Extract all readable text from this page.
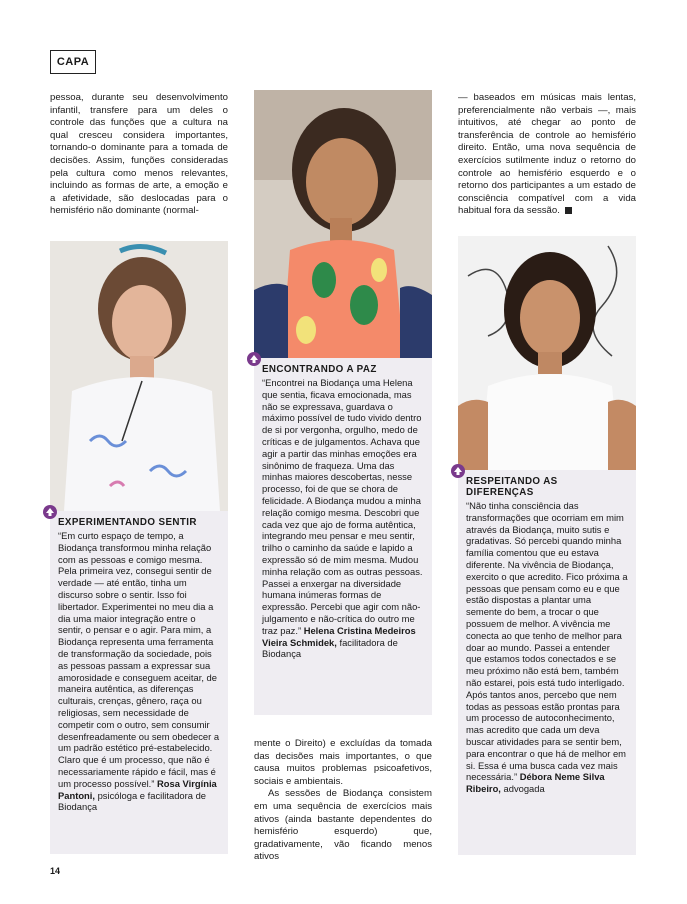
CAPA
pessoa, durante seu desenvolvimento infantil, transfere para um deles o controle das funções que a cultura na qual cresceu considera importantes, tornando-o dominante para a tomada de decisões. Assim, funções consideradas pela cultura como menos relevantes, incluindo as formas de arte, a emoção e a afetividade, são deslocadas para o hemisfério não dominante (normal-
— baseados em músicas mais lentas, preferencialmente não verbais —, mais intuitivos, até chegar ao ponto de transferência de controle ao hemisfério direito. Então, uma nova sequência de exercícios sutilmente induz o retorno do controle ao hemisfério esquerdo e o retorno dos participantes a um estado de consciência compatível com a vida habitual fora da sessão.
EXPERIMENTANDO SENTIR
“Em curto espaço de tempo, a Biodança transformou minha relação com as pessoas e comigo mesma. Pela primeira vez, consegui sentir de verdade — até então, tinha um discurso sobre o sentir. Isso foi libertador. Experimentei no meu dia a dia uma maior integração entre o sentir, o pensar e o agir. Para mim, a Biodança representa uma ferramenta de transformação da sociedade, pois as pessoas passam a expressar sua amorosidade e conseguem aceitar, de maneira autêntica, as diferenças culturais, crenças, gênero, raça ou religiosas, sem necessidade de competir com o outro, sem consumir desenfreadamente ou sem obedecer a um padrão estético pré-estabelecido. Claro que é um processo, que não é necessariamente rápido e fácil, mas é um processo possível.” Rosa Virgínia Pantoni, psicóloga e facilitadora de Biodança
ENCONTRANDO A PAZ
“Encontrei na Biodança uma Helena que sentia, ficava emocionada, mas não se expressava, guardava o máximo possível de tudo vivido dentro de si por vergonha, orgulho, medo de críticas e de julgamentos. Achava que agir a partir das minhas emoções era sinônimo de fraqueza. Uma das minhas maiores descobertas, nesse processo, foi de que se chora de felicidade. A Biodança mudou a minha relação comigo mesma. Descobri que cada vez que ajo de forma autêntica, integrando meu pensar e meu sentir, trilho o caminho da saúde e lapido a expressão só de mim mesma. Mudou minha relação com as outras pessoas. Passei a enxergar na diversidade humana inúmeras formas de expressão. Percebi que agir com não-julgamento e não-crítica do outro me traz paz.” Helena Cristina Medeiros Vieira Schmidek, facilitadora de Biodança
mente o Direito) e excluídas da tomada das decisões mais importantes, o que causa muitos problemas psicoafetivos, sociais e ambientais.
As sessões de Biodança consistem em uma sequência de exercícios mais ativos (ainda bastante dependentes do hemisfério esquerdo) que, gradativamente, vão ficando menos ativos
RESPEITANDO AS DIFERENÇAS
“Não tinha consciência das transformações que ocorriam em mim através da Biodança, muito sutis e gradativas. Só percebi quando minha família comentou que eu estava diferente. Na vivência de Biodança, exercito o que acredito. Fico próxima a pessoas que pensam como eu e que estão dispostas a plantar uma semente do bem, a trocar o que possuem de melhor. A vivência me conecta ao que tenho de melhor para doar ao mundo. Passei a entender que estamos todos conectados e se meu próximo não está bem, também não estarei, pois está tudo interligado. Após tantos anos, percebo que nem todas as pessoas estão prontas para um processo de autoconhecimento, mas acredito que cada um deva buscar atividades para se sentir bem, para encontrar o que há de melhor em si. Essa é uma busca cada vez mais necessária.” Débora Neme Silva Ribeiro, advogada
14
